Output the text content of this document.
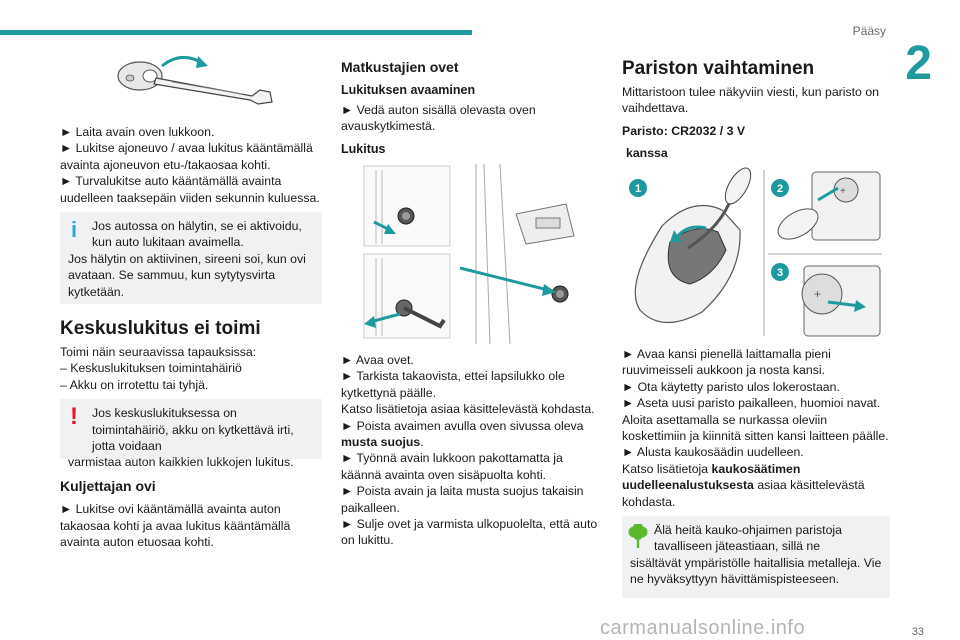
Pääsy
2

► Laita avain oven lukkoon.

► Lukitse ajoneuvo / avaa lukitus kääntämällä avainta ajoneuvon etu-/takaosaa kohti.

► Turvalukitse auto kääntämällä avainta uudelleen taaksepäin viiden sekunnin kuluessa.

i	Jos autossa on hälytin, se ei aktivoidu, kun auto lukitaan avaimella.
Jos hälytin on aktiivinen, sireeni soi, kun ovi avataan. Se sammuu, kun sytytysvirta kytketään.
Keskuslukitus ei toimi

Toimi näin seuraavissa tapauksissa:

– Keskuslukituksen toimintahäiriö

– Akku on irrotettu tai tyhjä.

!	Jos keskuslukituksessa on toimintahäiriö, akku on kytkettävä irti, jotta voidaan
varmistaa auton kaikkien lukkojen lukitus.
Kuljettajan ovi

► Lukitse ovi kääntämällä avainta auton takaosaa kohti ja avaa lukitus kääntämällä avainta auton etuosaa kohti.

Matkustajien ovet
Lukituksen avaaminen

► Vedä auton sisällä olevasta oven avauskytkimestä.

Lukitus

► Avaa ovet.

► Tarkista takaovista, ettei lapsilukko ole kytkettynä päälle.

Katso lisätietoja asiaa käsittelevästä kohdasta.

► Poista avaimen avulla oven sivussa oleva musta suojus.

► Työnnä avain lukkoon pakottamatta ja käännä avainta oven sisäpuolta kohti.

► Poista avain ja laita musta suojus takaisin paikalleen.

► Sulje ovet ja varmista ulkopuolelta, että auto on lukittu.

Pariston vaihtaminen

Mittaristoon tulee näkyviin viesti, kun paristo on vaihdettava.

Paristo: CR2032 / 3 V

kanssa

+
+
1	2
3

► Avaa kansi pienellä laittamalla pieni ruuvimeisseli aukkoon ja nosta kansi.

► Ota käytetty paristo ulos lokerostaan.

► Aseta uusi paristo paikalleen, huomioi navat. Aloita asettamalla se nurkassa oleviin koskettimiin ja kiinnitä sitten kansi laitteen päälle.

► Alusta kaukosäädin uudelleen.

Katso lisätietoja kaukosäätimen uudelleenalustuksesta asiaa käsittelevästä kohdasta.

Älä heitä kauko-ohjaimen paristoja tavalliseen jäteastiaan, sillä ne
sisältävät ympäristölle haitallisia metalleja. Vie ne hyväksyttyyn hävittämispisteeseen.
33
carmanualsonline.info
